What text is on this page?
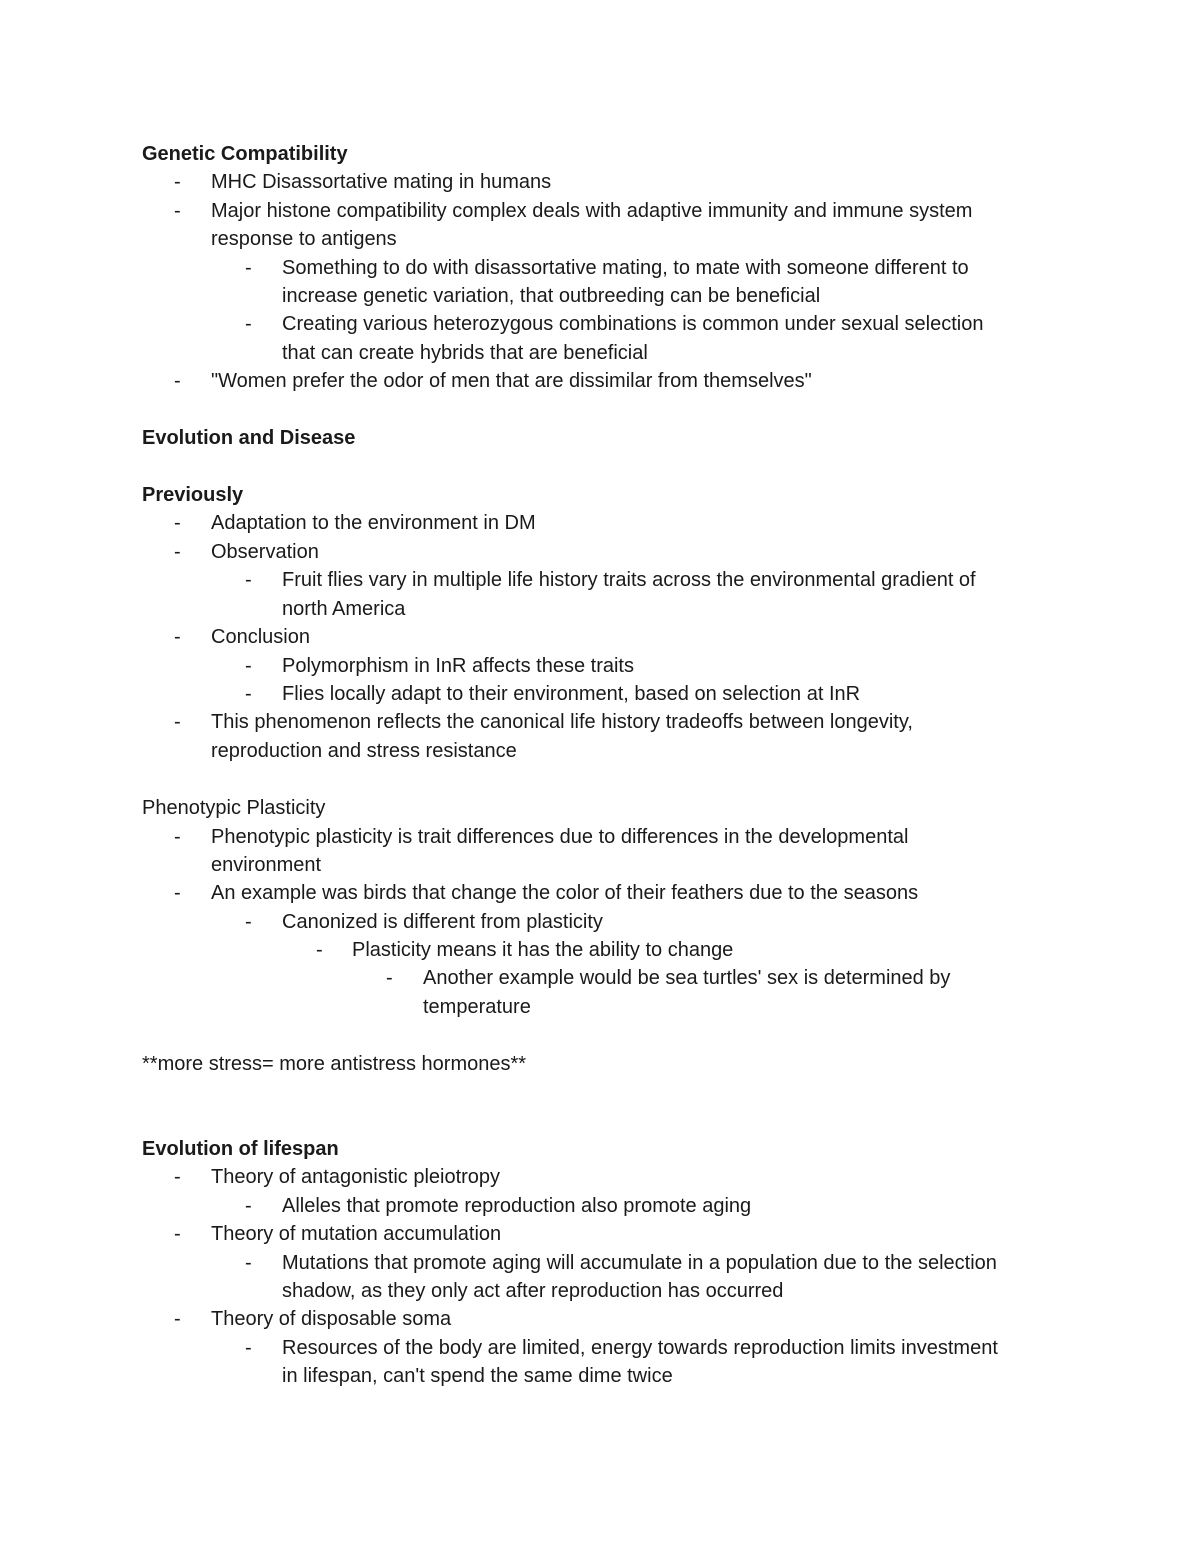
Genetic Compatibility
-	MHC Disassortative mating in humans
-	Major histone compatibility complex deals with adaptive immunity and immune system
response to antigens
-	Something to do with disassortative mating, to mate with someone different to
increase genetic variation, that outbreeding can be beneficial
-	Creating various heterozygous combinations is common under sexual selection
that can create hybrids that are beneficial
-	"Women prefer the odor of men that are dissimilar from themselves"
Evolution and Disease
Previously
-	Adaptation to the environment in DM
-	Observation
-	Fruit flies vary in multiple life history traits across the environmental gradient of
north America
-	Conclusion
-	Polymorphism in InR affects these traits
-	Flies locally adapt to their environment, based on selection at InR
-	This phenomenon reflects the canonical life history tradeoffs between longevity,
reproduction and stress resistance
Phenotypic Plasticity
-	Phenotypic plasticity is trait differences due to differences in the developmental
environment
-	An example was birds that change the color of their feathers due to the seasons
-	Canonized is different from plasticity
-	Plasticity means it has the ability to change
-	Another example would be sea turtles' sex is determined by
temperature
**more stress= more antistress hormones**
Evolution of lifespan
-	Theory of antagonistic pleiotropy
-	Alleles that promote reproduction also promote aging
-	Theory of mutation accumulation
-	Mutations that promote aging will accumulate in a population due to the selection
shadow, as they only act after reproduction has occurred
-	Theory of disposable soma
-	Resources of the body are limited, energy towards reproduction limits investment
in lifespan, can't spend the same dime twice
